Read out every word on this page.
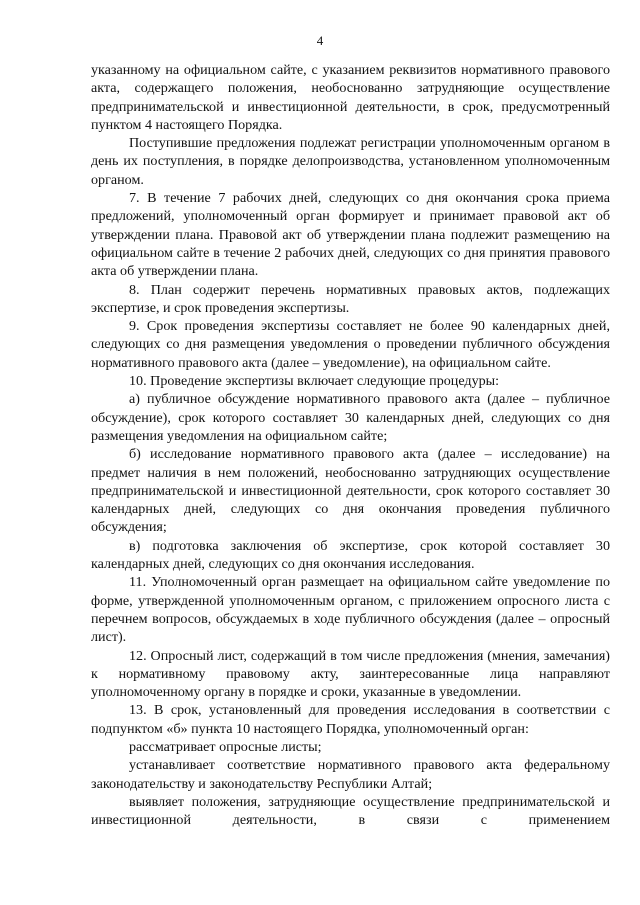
4

указанному на официальном сайте, с указанием реквизитов нормативного правового акта, содержащего положения, необоснованно затрудняющие осуществление предпринимательской и инвестиционной деятельности, в срок, предусмотренный пунктом 4 настоящего Порядка.

Поступившие предложения подлежат регистрации уполномоченным органом в день их поступления, в порядке делопроизводства, установленном уполномоченным органом.

7. В течение 7 рабочих дней, следующих со дня окончания срока приема предложений, уполномоченный орган формирует и принимает правовой акт об утверждении плана. Правовой акт об утверждении плана подлежит размещению на официальном сайте в течение 2 рабочих дней, следующих со дня принятия правового акта об утверждении плана.

8. План содержит перечень нормативных правовых актов, подлежащих экспертизе, и срок проведения экспертизы.

9. Срок проведения экспертизы составляет не более 90 календарных дней, следующих со дня размещения уведомления о проведении публичного обсуждения нормативного правового акта (далее – уведомление), на официальном сайте.

10. Проведение экспертизы включает следующие процедуры:

а) публичное обсуждение нормативного правового акта (далее – публичное обсуждение), срок которого составляет 30 календарных дней, следующих со дня размещения уведомления на официальном сайте;

б) исследование нормативного правового акта (далее – исследование) на предмет наличия в нем положений, необоснованно затрудняющих осуществление предпринимательской и инвестиционной деятельности, срок которого составляет 30 календарных дней, следующих со дня окончания проведения публичного обсуждения;

в) подготовка заключения об экспертизе, срок которой составляет 30 календарных дней, следующих со дня окончания исследования.

11. Уполномоченный орган размещает на официальном сайте уведомление по форме, утвержденной уполномоченным органом, с приложением опросного листа с перечнем вопросов, обсуждаемых в ходе публичного обсуждения (далее – опросный лист).

12. Опросный лист, содержащий в том числе предложения (мнения, замечания) к нормативному правовому акту, заинтересованные лица направляют уполномоченному органу в порядке и сроки, указанные в уведомлении.

13. В срок, установленный для проведения исследования в соответствии с подпунктом «б» пункта 10 настоящего Порядка, уполномоченный орган:

рассматривает опросные листы;

устанавливает соответствие нормативного правового акта федеральному законодательству и законодательству Республики Алтай;

выявляет положения, затрудняющие осуществление предпринимательской и инвестиционной деятельности, в связи с применением
